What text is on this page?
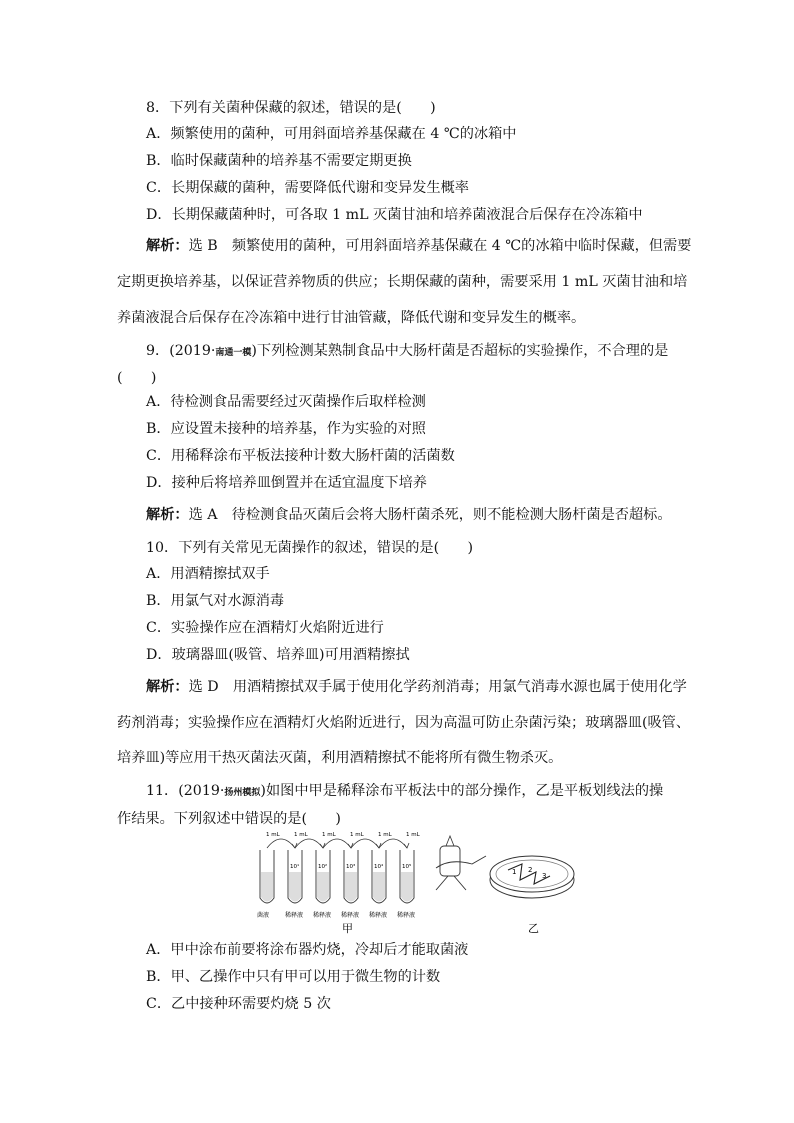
8．下列有关菌种保藏的叙述，错误的是(　　)
A．频繁使用的菌种，可用斜面培养基保藏在 4 ℃的冰箱中
B．临时保藏菌种的培养基不需要定期更换
C．长期保藏的菌种，需要降低代谢和变异发生概率
D．长期保藏菌种时，可各取 1 mL 灭菌甘油和培养菌液混合后保存在冷冻箱中
解析：选 B　频繁使用的菌种，可用斜面培养基保藏在 4 ℃的冰箱中临时保藏，但需要
定期更换培养基，以保证营养物质的供应；长期保藏的菌种，需要采用 1 mL 灭菌甘油和培
养菌液混合后保存在冷冻箱中进行甘油管藏，降低代谢和变异发生的概率。
9．(2019·南通一模)下列检测某熟制食品中大肠杆菌是否超标的实验操作，不合理的是
(　　)
A．待检测食品需要经过灭菌操作后取样检测
B．应设置未接种的培养基，作为实验的对照
C．用稀释涂布平板法接种计数大肠杆菌的活菌数
D．接种后将培养皿倒置并在适宜温度下培养
解析：选 A　待检测食品灭菌后会将大肠杆菌杀死，则不能检测大肠杆菌是否超标。
10．下列有关常见无菌操作的叙述，错误的是(　　)
A．用酒精擦拭双手
B．用氯气对水源消毒
C．实验操作应在酒精灯火焰附近进行
D．玻璃器皿(吸管、培养皿)可用酒精擦拭
解析：选 D　用酒精擦拭双手属于使用化学药剂消毒；用氯气消毒水源也属于使用化学
药剂消毒；实验操作应在酒精灯火焰附近进行，因为高温可防止杂菌污染；玻璃器皿(吸管、
培养皿)等应用干热灭菌法灭菌，利用酒精擦拭不能将所有微生物杀灭。
11．(2019·扬州模拟)如图中甲是稀释涂布平板法中的部分操作，乙是平板划线法的操
作结果。下列叙述中错误的是(　　)
菌液
1 mL
10¹
稀释液
1 mL
10²
稀释液
1 mL
10³
稀释液
1 mL
10⁴
稀释液
1 mL
10⁵
稀释液
1 mL
1 2
3
甲	乙
A．甲中涂布前要将涂布器灼烧，冷却后才能取菌液
B．甲、乙操作中只有甲可以用于微生物的计数
C．乙中接种环需要灼烧 5 次
